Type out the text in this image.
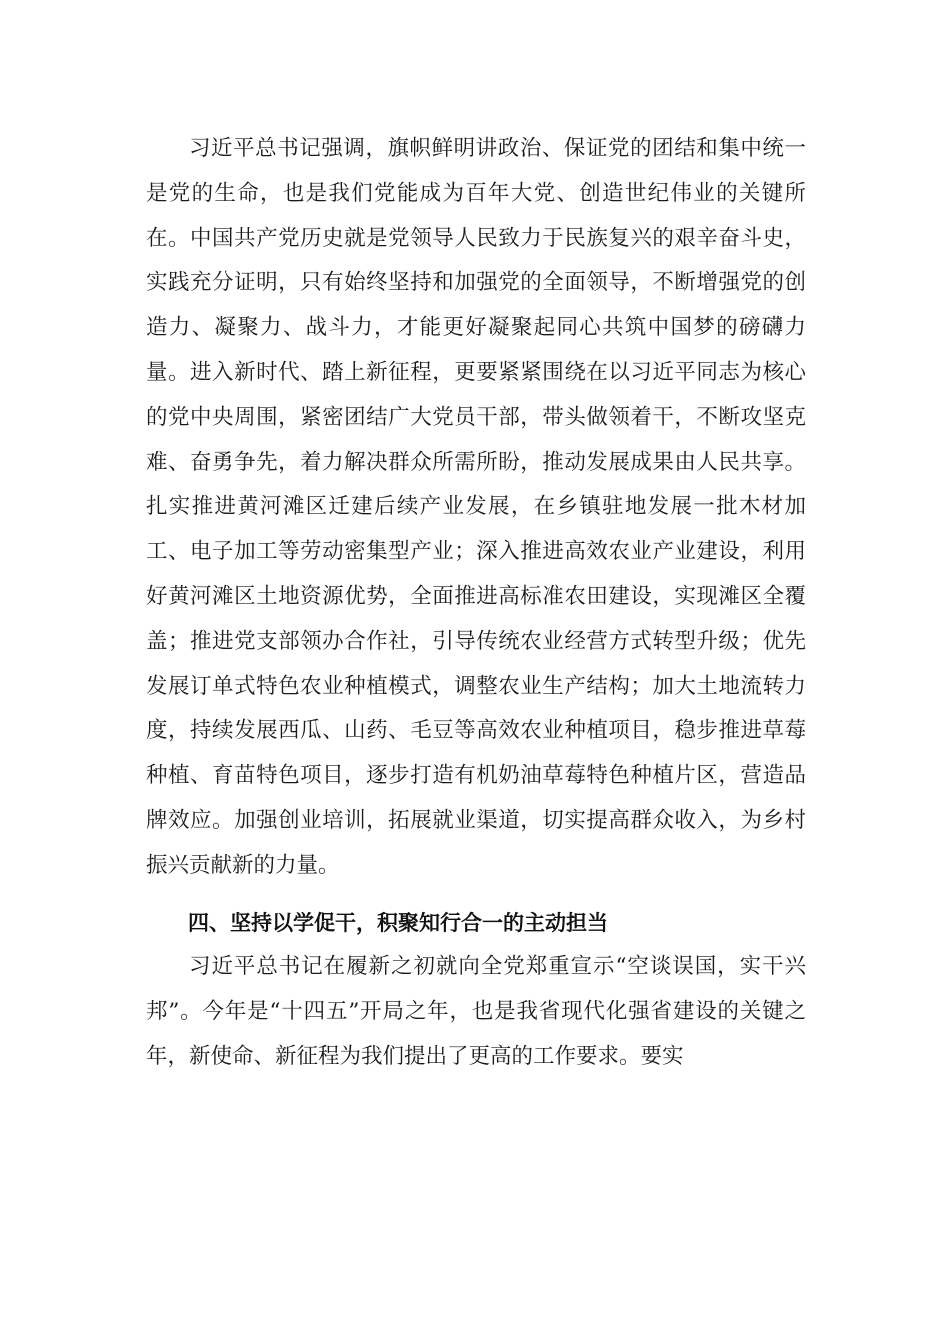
习近平总书记强调，旗帜鲜明讲政治、保证党的团结和集中统一是党的生命，也是我们党能成为百年大党、创造世纪伟业的关键所在。中国共产党历史就是党领导人民致力于民族复兴的艰辛奋斗史，实践充分证明，只有始终坚持和加强党的全面领导，不断增强党的创造力、凝聚力、战斗力，才能更好凝聚起同心共筑中国梦的磅礴力量。进入新时代、踏上新征程，更要紧紧围绕在以习近平同志为核心的党中央周围，紧密团结广大党员干部，带头做领着干，不断攻坚克难、奋勇争先，着力解决群众所需所盼，推动发展成果由人民共享。扎实推进黄河滩区迁建后续产业发展，在乡镇驻地发展一批木材加工、电子加工等劳动密集型产业；深入推进高效农业产业建设，利用好黄河滩区土地资源优势，全面推进高标准农田建设，实现滩区全覆盖；推进党支部领办合作社，引导传统农业经营方式转型升级；优先发展订单式特色农业种植模式，调整农业生产结构；加大土地流转力度，持续发展西瓜、山药、毛豆等高效农业种植项目，稳步推进草莓种植、育苗特色项目，逐步打造有机奶油草莓特色种植片区，营造品牌效应。加强创业培训，拓展就业渠道，切实提高群众收入，为乡村振兴贡献新的力量。

四、坚持以学促干，积聚知行合一的主动担当

习近平总书记在履新之初就向全党郑重宣示“空谈误国，实干兴邦”。今年是“十四五”开局之年，也是我省现代化强省建设的关键之年，新使命、新征程为我们提出了更高的工作要求。要实
